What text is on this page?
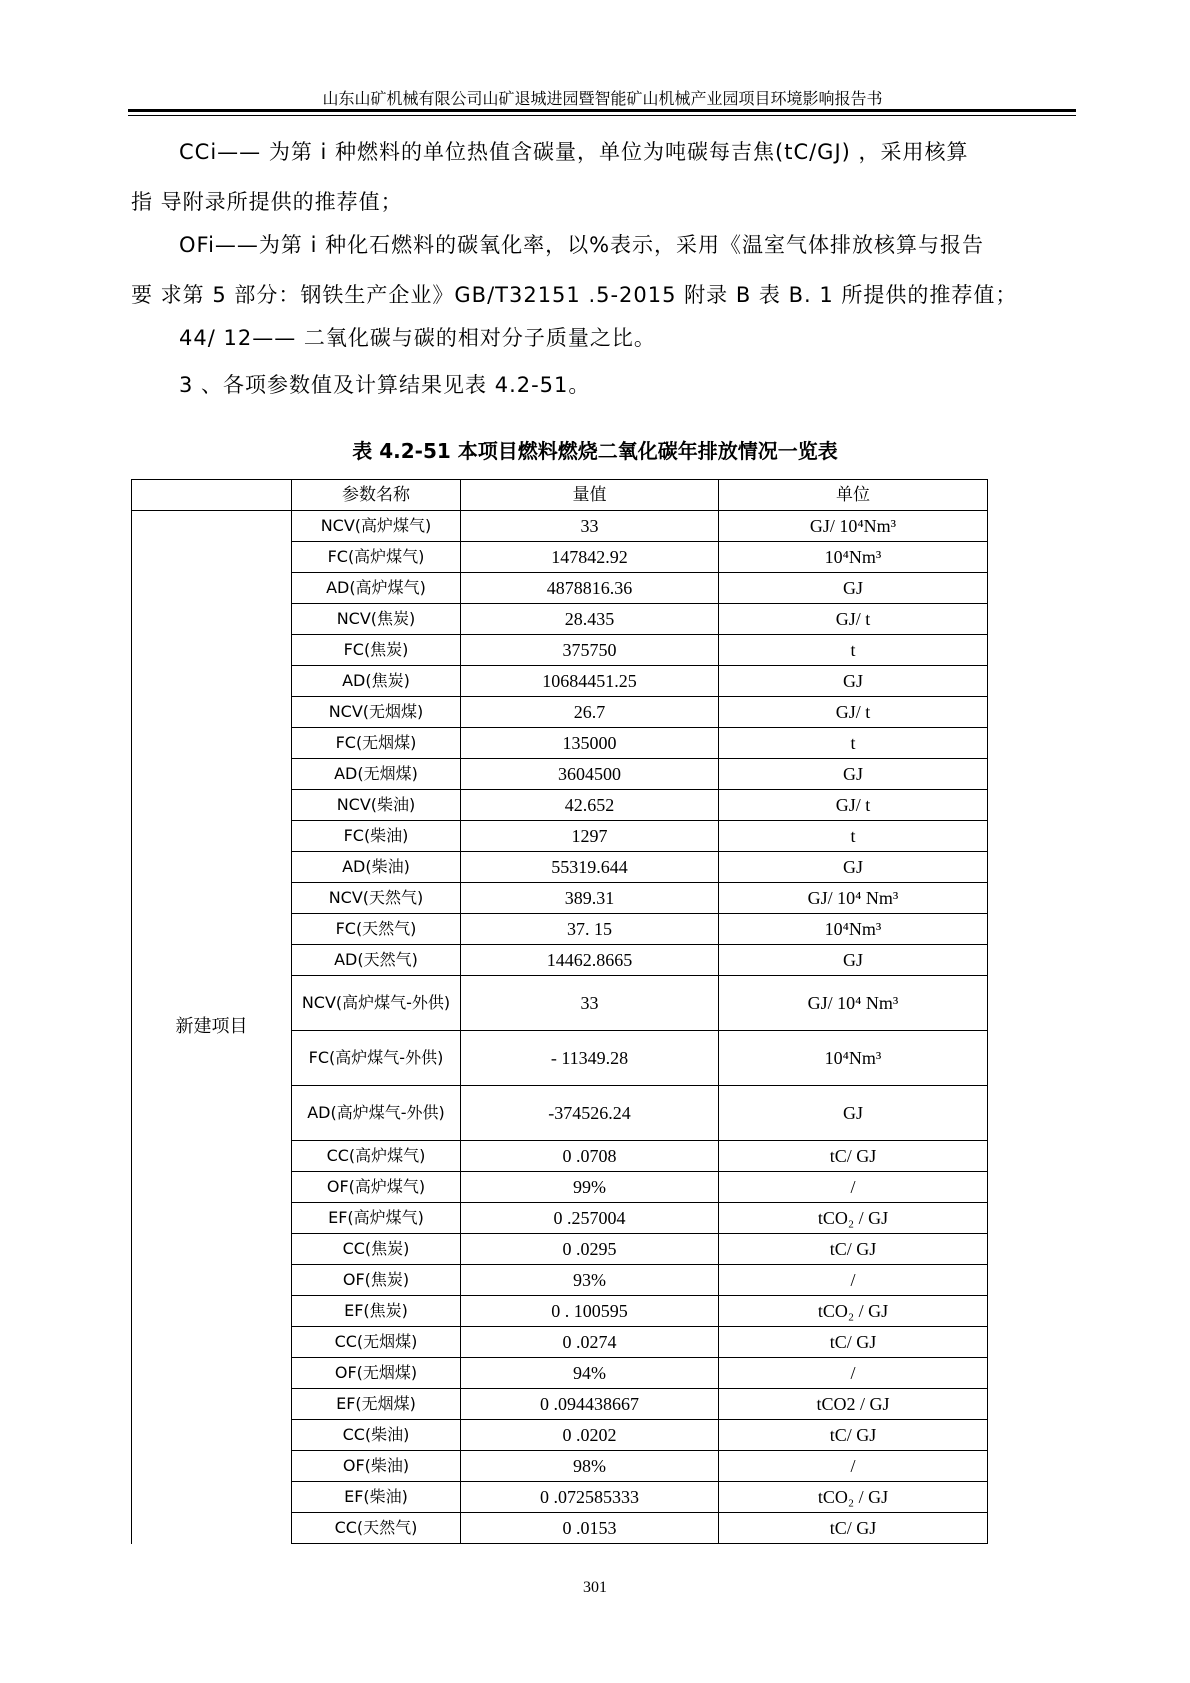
山东山矿机械有限公司山矿退城进园暨智能矿山机械产业园项目环境影响报告书
CCi—— 为第 i 种燃料的单位热值含碳量，单位为吨碳每吉焦(tC/GJ) ，采用核算
指 导附录所提供的推荐值；
OFi——为第 i 种化石燃料的碳氧化率，以%表示，采用《温室气体排放核算与报告
要 求第 5 部分：钢铁生产企业》GB/T32151 .5-2015 附录 B 表 B. 1 所提供的推荐值；
44/ 12—— 二氧化碳与碳的相对分子质量之比。
3 、各项参数值及计算结果见表 4.2-51。
表 4.2-51 本项目燃料燃烧二氧化碳年排放情况一览表
	参数名称	量值	单位
新建项目	NCV(高炉煤气)	33	GJ/ 10⁴Nm³
	FC(高炉煤气)	147842.92	10⁴Nm³
	AD(高炉煤气)	4878816.36	GJ
	NCV(焦炭)	28.435	GJ/ t
	FC(焦炭)	375750	t
	AD(焦炭)	10684451.25	GJ
	NCV(无烟煤)	26.7	GJ/ t
	FC(无烟煤)	135000	t
	AD(无烟煤)	3604500	GJ
	NCV(柴油)	42.652	GJ/ t
	FC(柴油)	1297	t
	AD(柴油)	55319.644	GJ
	NCV(天然气)	389.31	GJ/ 10⁴ Nm³
	FC(天然气)	37. 15	10⁴Nm³
	AD(天然气)	14462.8665	GJ
	NCV(高炉煤气-外供)	33	GJ/ 10⁴ Nm³
	FC(高炉煤气-外供)	- 11349.28	10⁴Nm³
	AD(高炉煤气-外供)	-374526.24	GJ
	CC(高炉煤气)	0 .0708	tC/ GJ
	OF(高炉煤气)	99%	/
	EF(高炉煤气)	0 .257004	tCO₂ / GJ
	CC(焦炭)	0 .0295	tC/ GJ
	OF(焦炭)	93%	/
	EF(焦炭)	0 . 100595	tCO₂ / GJ
	CC(无烟煤)	0 .0274	tC/ GJ
	OF(无烟煤)	94%	/
	EF(无烟煤)	0 .094438667	tCO2 / GJ
	CC(柴油)	0 .0202	tC/ GJ
	OF(柴油)	98%	/
	EF(柴油)	0 .072585333	tCO₂ / GJ
	CC(天然气)	0 .0153	tC/ GJ
301
